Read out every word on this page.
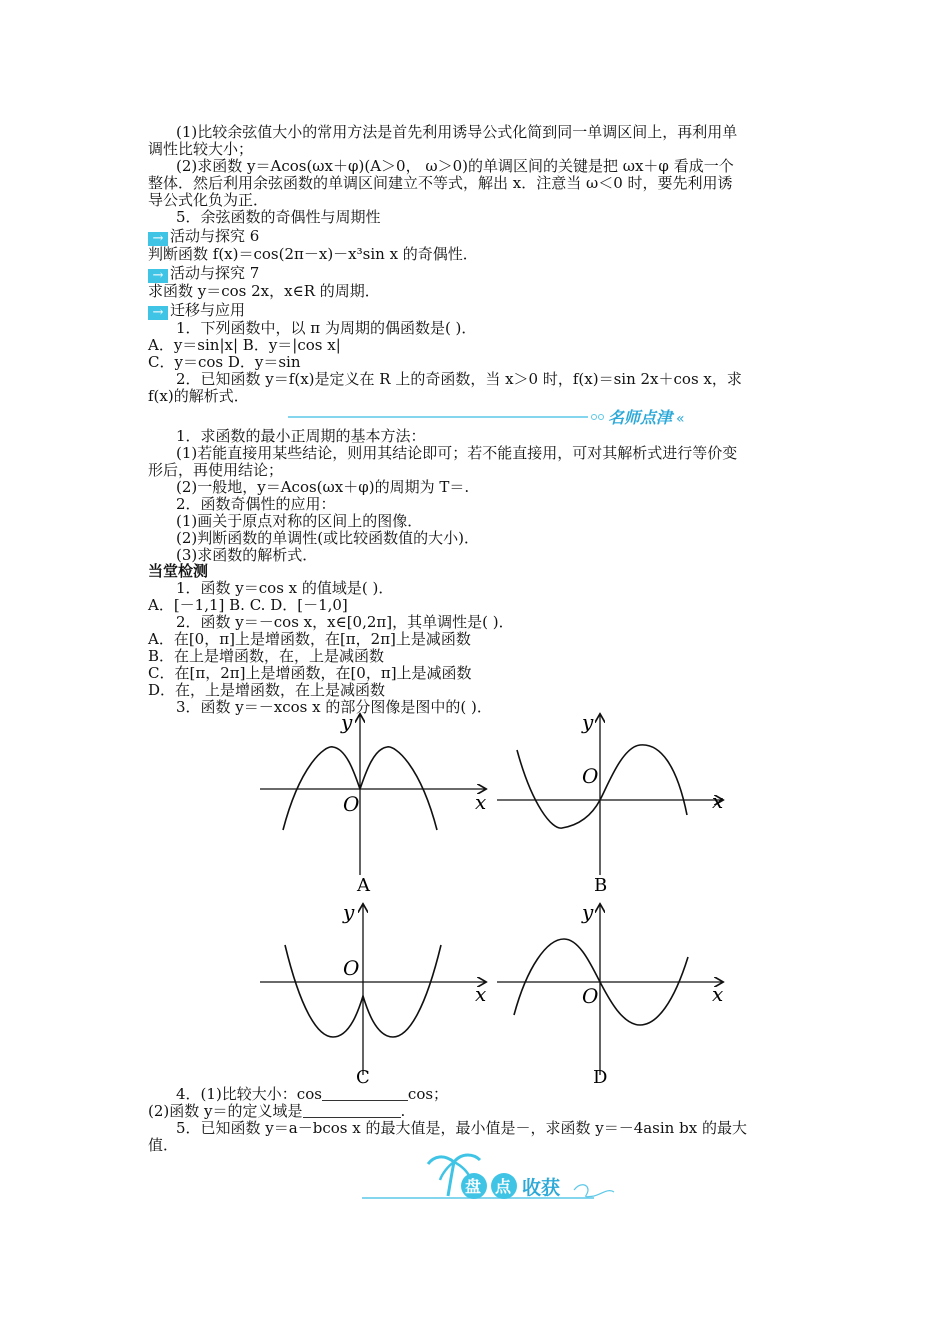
(1)比较余弦值大小的常用方法是首先利用诱导公式化简到同一单调区间上，再利用单
调性比较大小；
(2)求函数 y＝Acos(ωx＋φ)(A＞0， ω＞0)的单调区间的关键是把 ωx＋φ 看成一个
整体．然后利用余弦函数的单调区间建立不等式，解出 x．注意当 ω＜0 时，要先利用诱
导公式化负为正．
5．余弦函数的奇偶性与周期性
→ 活动与探究 6
判断函数 f(x)＝cos(2π－x)－x³sin x 的奇偶性．
→ 活动与探究 7
求函数 y＝cos 2x，x∈R 的周期．
→ 迁移与应用
1．下列函数中，以 π 为周期的偶函数是( )．
A．y＝sin|x| B．y＝|cos x|
C．y＝cos D．y＝sin
2．已知函数 y＝f(x)是定义在 R 上的奇函数，当 x＞0 时，f(x)＝sin 2x＋cos x，求
f(x)的解析式．
名师点津 «
1．求函数的最小正周期的基本方法：
(1)若能直接用某些结论，则用其结论即可；若不能直接用，可对其解析式进行等价变
形后，再使用结论；
(2)一般地，y＝Acos(ωx＋φ)的周期为 T＝.
2．函数奇偶性的应用：
(1)画关于原点对称的区间上的图像．
(2)判断函数的单调性(或比较函数值的大小)．
(3)求函数的解析式．
当堂检测
1．函数 y＝cos x 的值域是( )．
A．[－1,1] B. C. D．[－1,0]
2．函数 y＝－cos x，x∈[0,2π]，其单调性是( )．
A．在[0，π]上是增函数，在[π，2π]上是减函数
B．在上是增函数，在，上是减函数
C．在[π，2π]上是增函数，在[0，π]上是减函数
D．在，上是增函数，在上是减函数
3．函数 y＝－xcos x 的部分图像是图中的( )．
y
x
O
A
y
x
O
B
y
x
O
C
y
x
O
D
4．(1)比较大小：cos	cos；
(2)函数 y＝的定义域是	.
5．已知函数 y＝a－bcos x 的最大值是，最小值是－，求函数 y＝－4asin bx 的最大
值．
盘 点 收获
